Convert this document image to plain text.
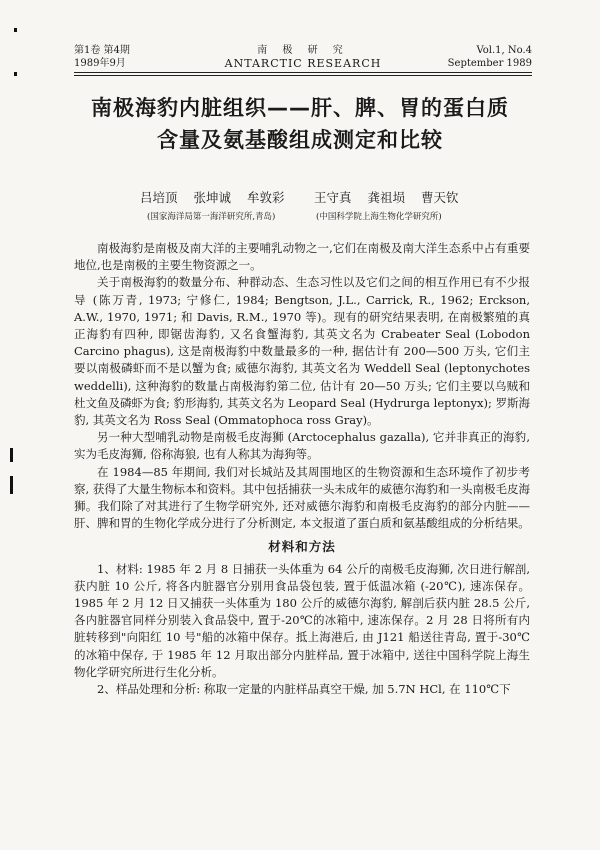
第1卷 第4期
1989年9月
南 极 研 究
ANTARCTIC RESEARCH
Vol.1, No.4
September 1989
南极海豹内脏组织——肝、脾、胃的蛋白质
含量及氨基酸组成测定和比较
吕培顶 张坤诚 牟敦彩 王守真 龚祖埙 曹天钦
(国家海洋局第一海洋研究所,青岛)	(中国科学院上海生物化学研究所)

南极海豹是南极及南大洋的主要哺乳动物之一,它们在南极及南大洋生态系中占有重要地位,也是南极的主要生物资源之一。

关于南极海豹的数量分布、种群动态、生态习性以及它们之间的相互作用已有不少报导 (陈万青, 1973; 宁修仁, 1984; Bengtson, J.L., Carrick, R., 1962; Erckson, A.W., 1970, 1971; 和 Davis, R.M., 1970 等)。现有的研究结果表明, 在南极繁殖的真正海豹有四种, 即锯齿海豹, 又名食蟹海豹, 其英文名为 Crabeater Seal (Lobodon Carcino phagus), 这是南极海豹中数量最多的一种, 据估计有 200—500 万头, 它们主要以南极磷虾而不是以蟹为食; 威德尔海豹, 其英文名为 Weddell Seal (leptonychotes weddelli), 这种海豹的数量占南极海豹第二位, 估计有 20—50 万头; 它们主要以乌贼和杜文鱼及磷虾为食; 豹形海豹, 其英文名为 Leopard Seal (Hydrurga leptonyx); 罗斯海豹, 其英文名为 Ross Seal (Ommatophoca ross Gray)。

另一种大型哺乳动物是南极毛皮海狮 (Arctocephalus gazalla), 它并非真正的海豹, 实为毛皮海狮, 俗称海狼, 也有人称其为海狗等。

在 1984—85 年期间, 我们对长城站及其周围地区的生物资源和生态环境作了初步考察, 获得了大量生物标本和资料。其中包括捕获一头未成年的威德尔海豹和一头南极毛皮海狮。我们除了对其进行了生物学研究外, 还对威德尔海豹和南极毛皮海豹的部分内脏——肝、脾和胃的生物化学成分进行了分析测定, 本文报道了蛋白质和氨基酸组成的分析结果。

材料和方法

1、材料: 1985 年 2 月 8 日捕获一头体重为 64 公斤的南极毛皮海狮, 次日进行解剖, 获内脏 10 公斤, 将各内脏器官分别用食品袋包装, 置于低温冰箱 (-20℃), 速冻保存。1985 年 2 月 12 日又捕获一头体重为 180 公斤的威德尔海豹, 解剖后获内脏 28.5 公斤, 各内脏器官同样分别装入食品袋中, 置于-20℃的冰箱中, 速冻保存。2 月 28 日将所有内脏转移到"向阳红 10 号"船的冰箱中保存。抵上海港后, 由 J121 船送往青岛, 置于-30℃的冰箱中保存, 于 1985 年 12 月取出部分内脏样品, 置于冰箱中, 送往中国科学院上海生物化学研究所进行生化分析。

2、样品处理和分析: 称取一定量的内脏样品真空干燥, 加 5.7N HCl, 在 110℃下
